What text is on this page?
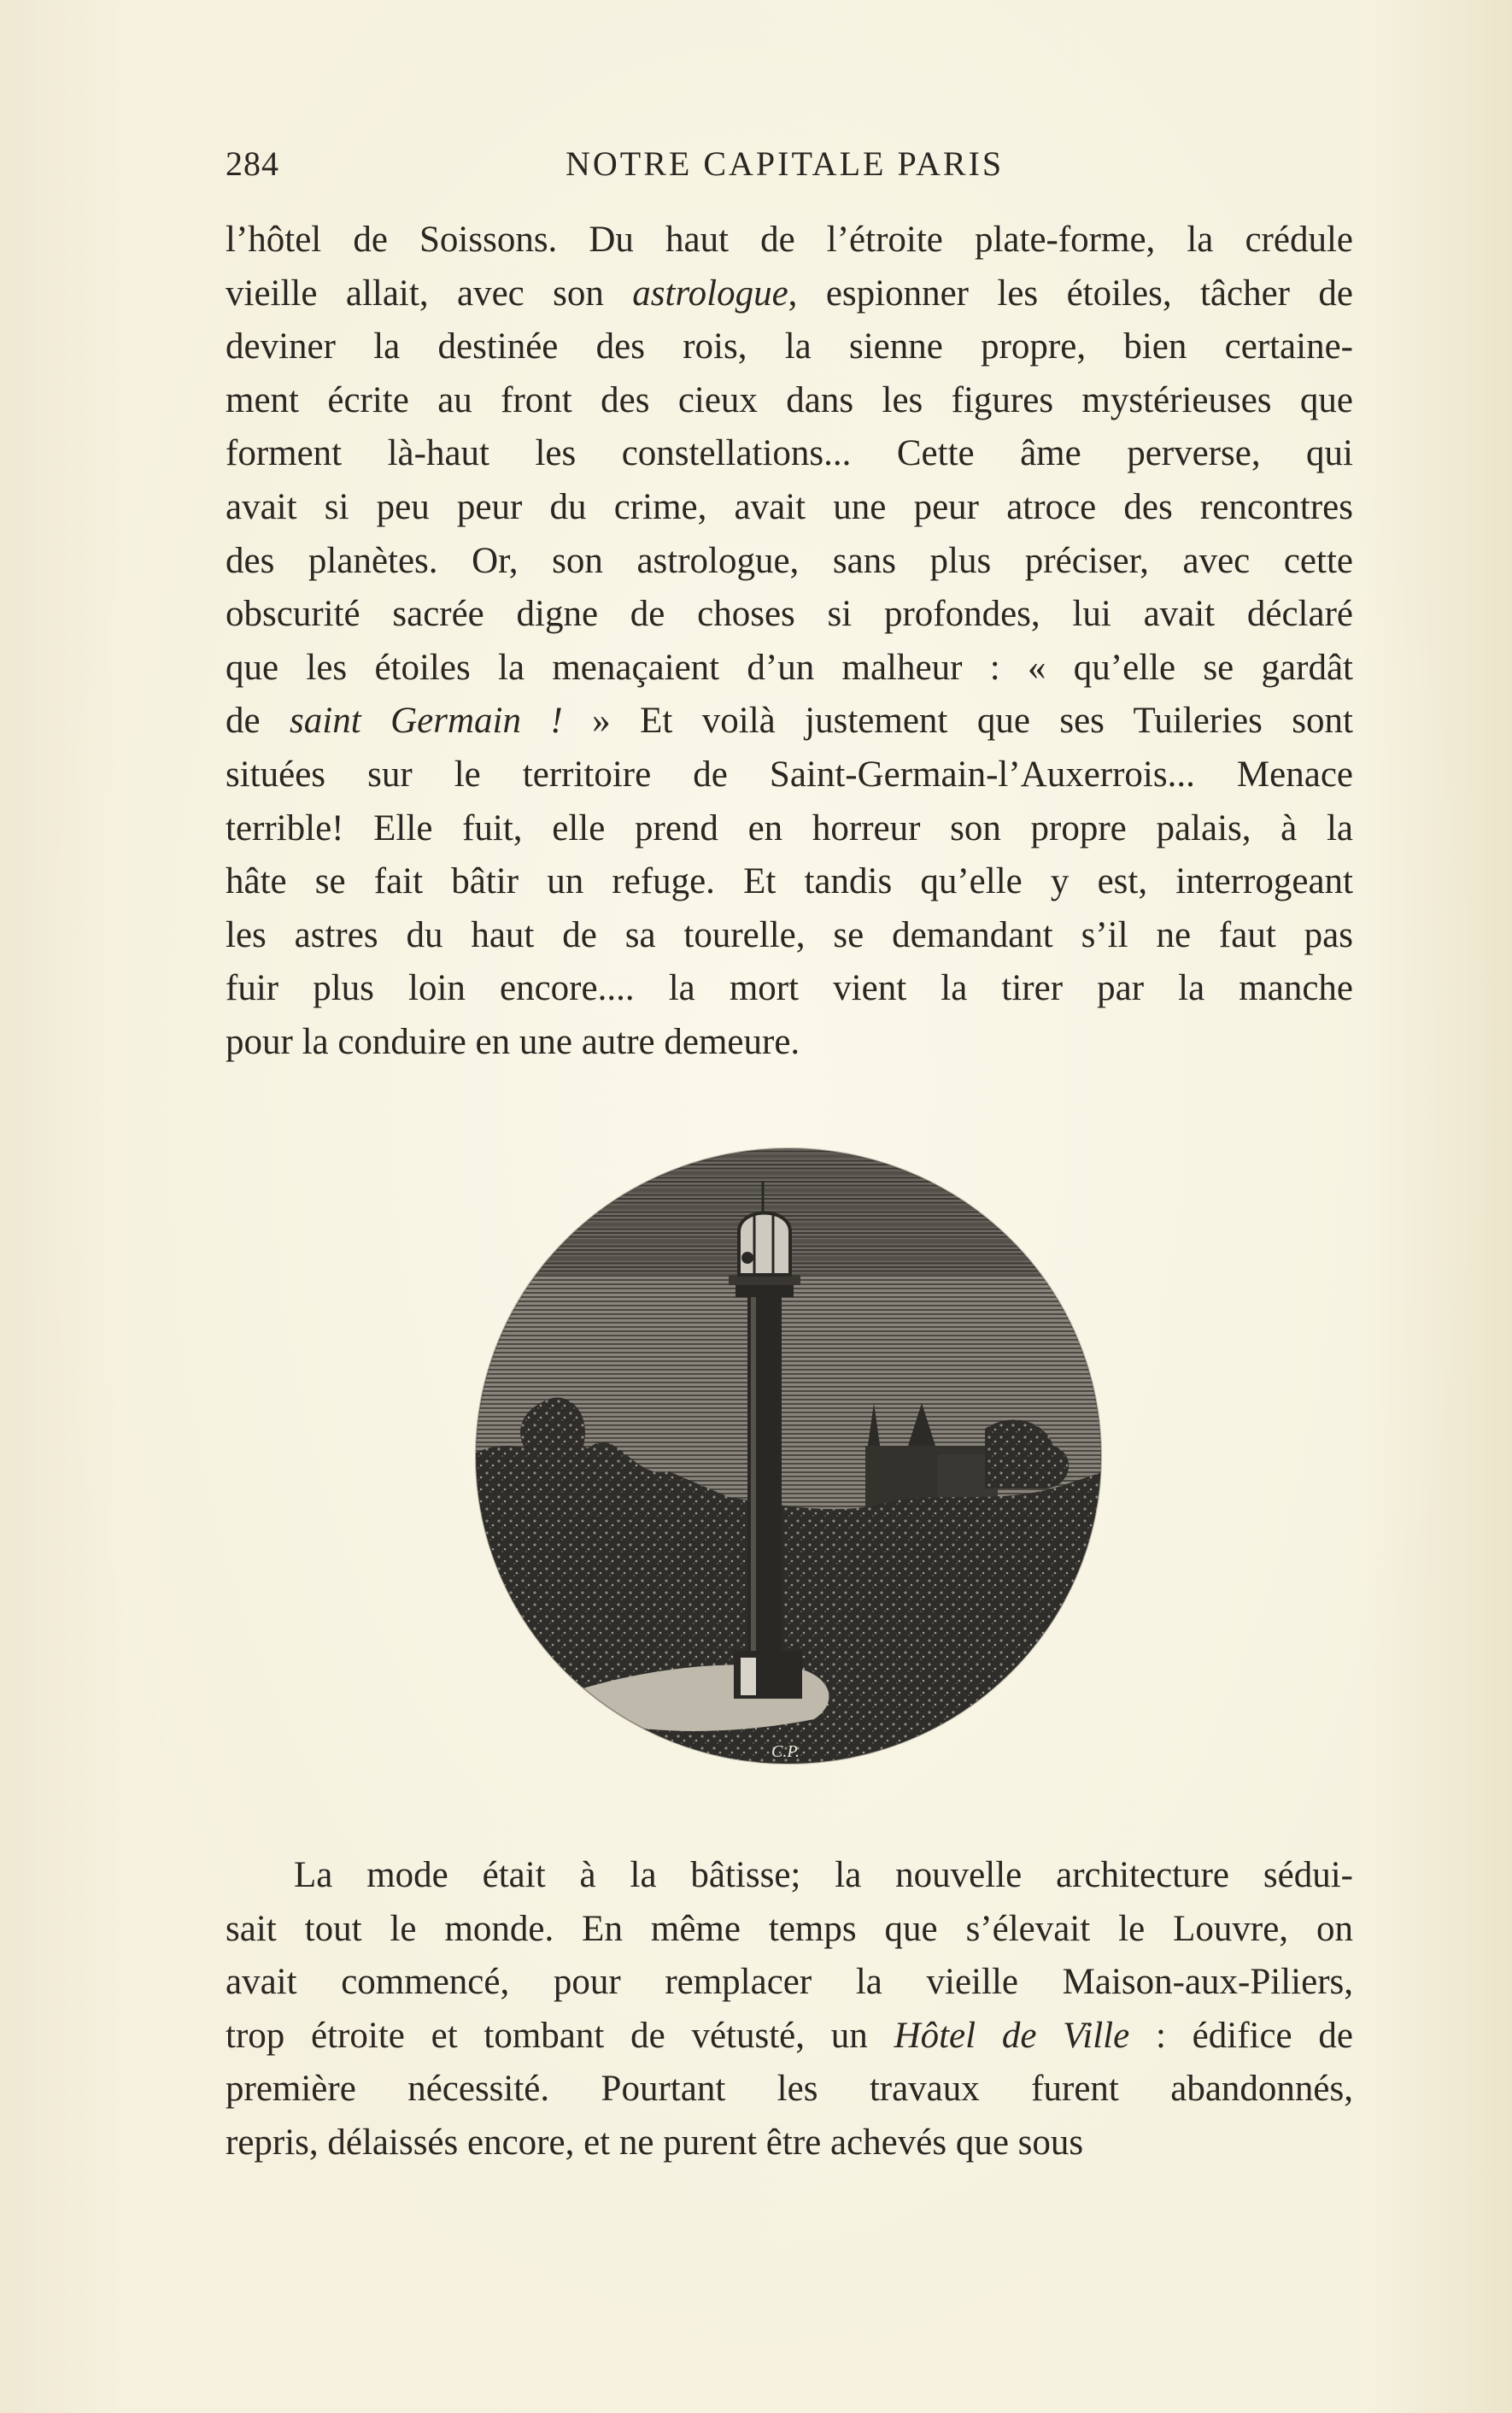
284	NOTRE CAPITALE PARIS
l’hôtel de Soissons. Du haut de l’étroite plate-forme, la crédule
vieille allait, avec son astrologue, espionner les étoiles, tâcher de
deviner la destinée des rois, la sienne propre, bien certaine-
ment écrite au front des cieux dans les figures mystérieuses que
forment là-haut les constellations... Cette âme perverse, qui
avait si peu peur du crime, avait une peur atroce des rencontres
des planètes. Or, son astrologue, sans plus préciser, avec cette
obscurité sacrée digne de choses si profondes, lui avait déclaré
que les étoiles la menaçaient d’un malheur : « qu’elle se gardât
de saint Germain ! » Et voilà justement que ses Tuileries sont
situées sur le territoire de Saint-Germain-l’Auxerrois... Menace
terrible! Elle fuit, elle prend en horreur son propre palais, à la
hâte se fait bâtir un refuge. Et tandis qu’elle y est, interrogeant
les astres du haut de sa tourelle, se demandant s’il ne faut pas
fuir plus loin encore.... la mort vient la tirer par la manche
pour la conduire en une autre demeure.
C.P.
La mode était à la bâtisse; la nouvelle architecture sédui-
sait tout le monde. En même temps que s’élevait le Louvre, on
avait commencé, pour remplacer la vieille Maison-aux-Piliers,
trop étroite et tombant de vétusté, un Hôtel de Ville : édifice de
première nécessité. Pourtant les travaux furent abandonnés,
repris, délaissés encore, et ne purent être achevés que sous
